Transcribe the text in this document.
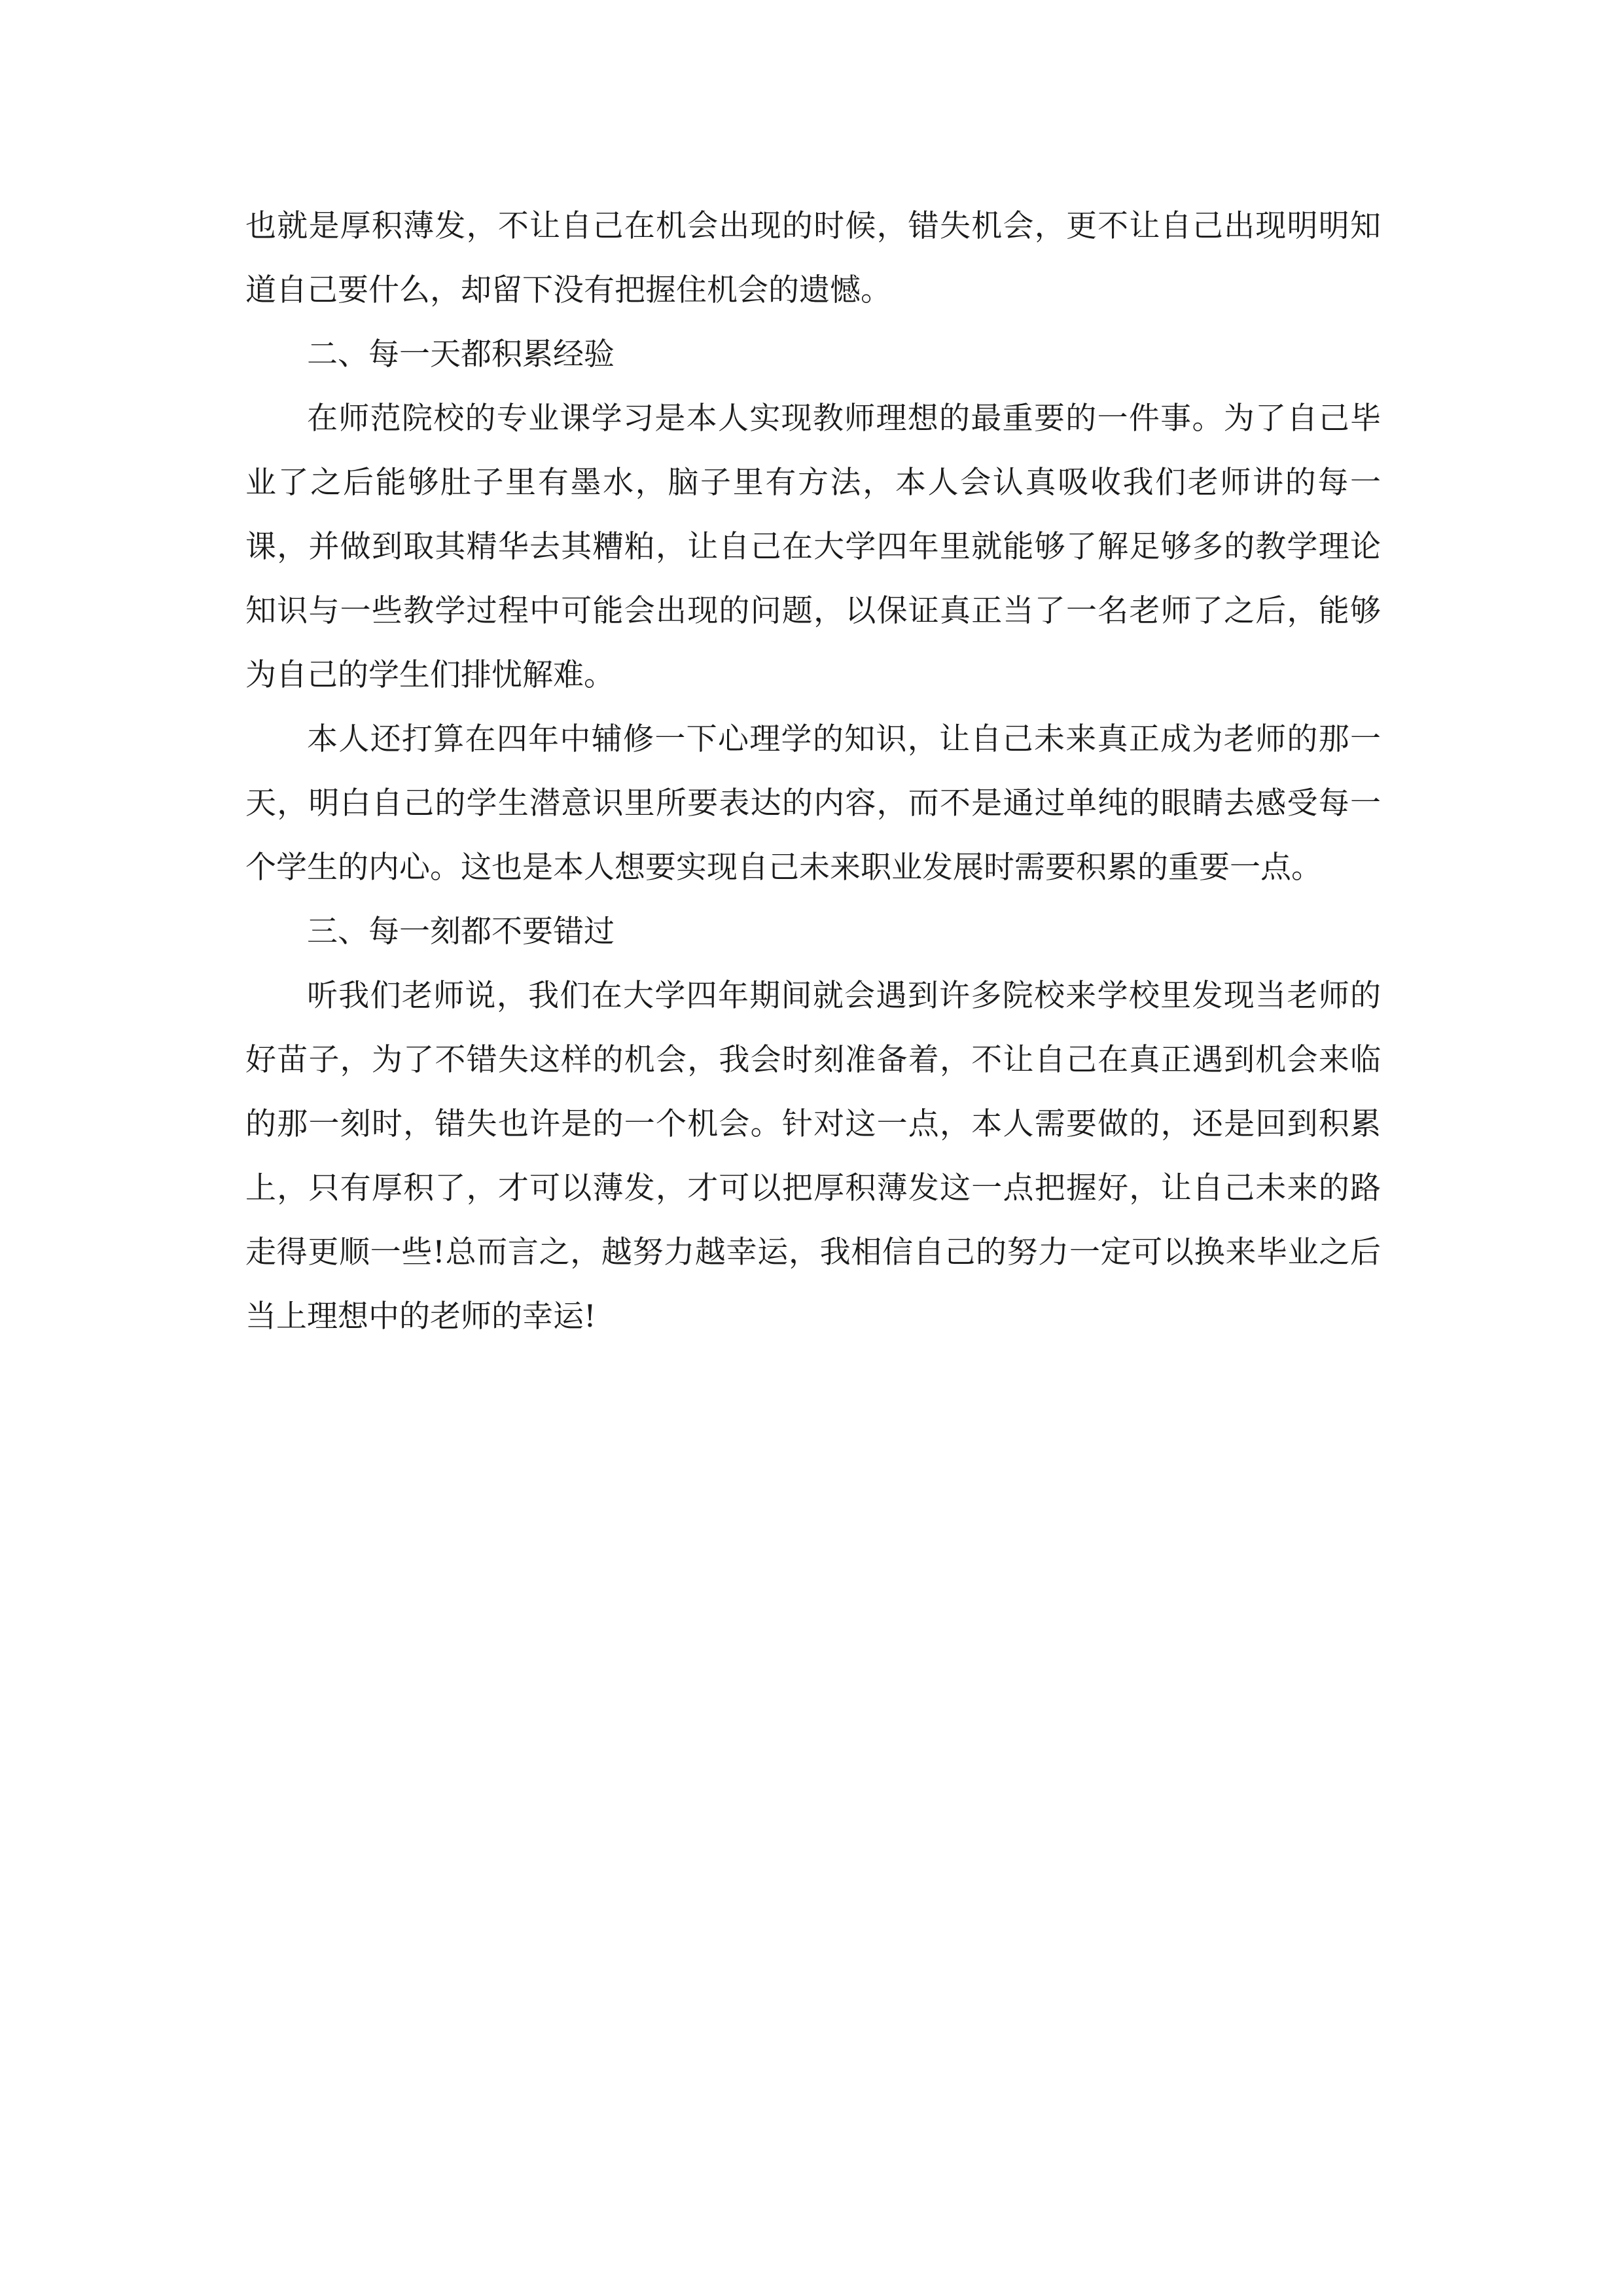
也就是厚积薄发，不让自己在机会出现的时候，错失机会，更不让自己出现明明知道自己要什么，却留下没有把握住机会的遗憾。

二、每一天都积累经验

在师范院校的专业课学习是本人实现教师理想的最重要的一件事。为了自己毕业了之后能够肚子里有墨水，脑子里有方法，本人会认真吸收我们老师讲的每一课，并做到取其精华去其糟粕，让自己在大学四年里就能够了解足够多的教学理论知识与一些教学过程中可能会出现的问题，以保证真正当了一名老师了之后，能够为自己的学生们排忧解难。

本人还打算在四年中辅修一下心理学的知识，让自己未来真正成为老师的那一天，明白自己的学生潜意识里所要表达的内容，而不是通过单纯的眼睛去感受每一个学生的内心。这也是本人想要实现自己未来职业发展时需要积累的重要一点。

三、每一刻都不要错过

听我们老师说，我们在大学四年期间就会遇到许多院校来学校里发现当老师的好苗子，为了不错失这样的机会，我会时刻准备着，不让自己在真正遇到机会来临的那一刻时，错失也许是的一个机会。针对这一点，本人需要做的，还是回到积累上，只有厚积了，才可以薄发，才可以把厚积薄发这一点把握好，让自己未来的路走得更顺一些!总而言之，越努力越幸运，我相信自己的努力一定可以换来毕业之后当上理想中的老师的幸运!
